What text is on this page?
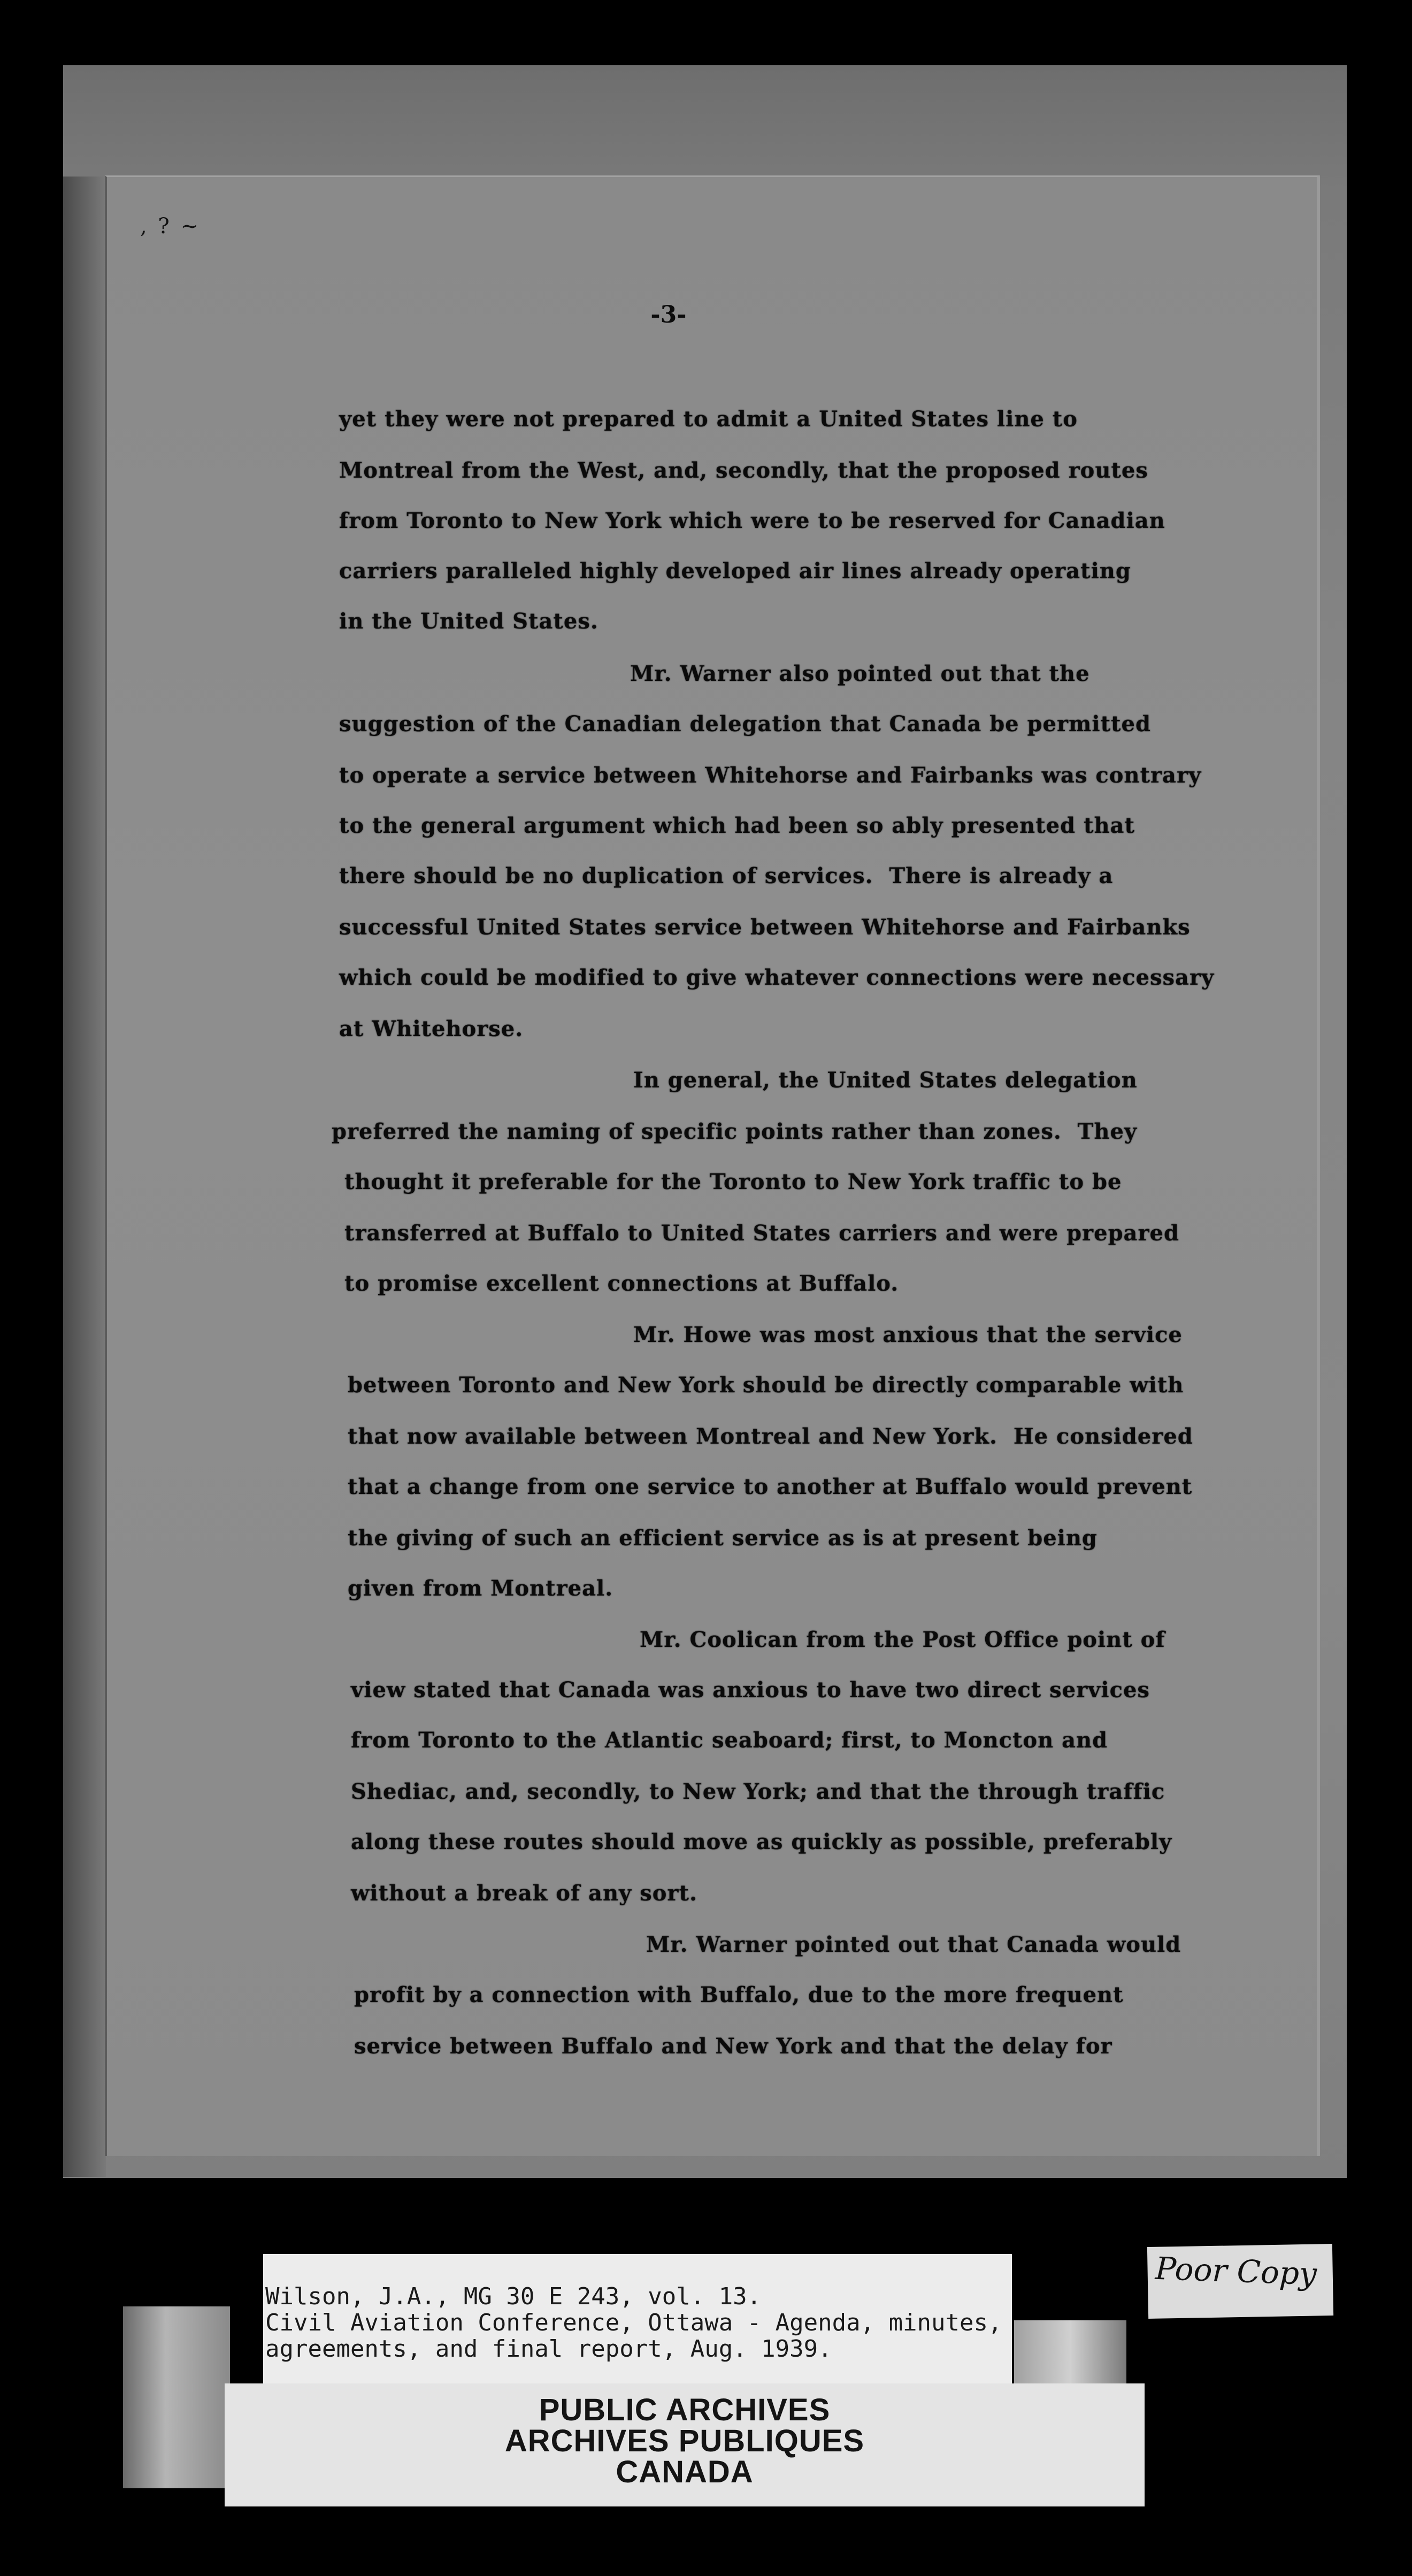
, ? ~
-3-

yet they were not prepared to admit a United States line to

Montreal from the West, and, secondly, that the proposed routes

from Toronto to New York which were to be reserved for Canadian

carriers paralleled highly developed air lines already operating

in the United States.

Mr. Warner also pointed out that the

suggestion of the Canadian delegation that Canada be permitted

to operate a service between Whitehorse and Fairbanks was contrary

to the general argument which had been so ably presented that

there should be no duplication of services.  There is already a

successful United States service between Whitehorse and Fairbanks

which could be modified to give whatever connections were necessary

at Whitehorse.

In general, the United States delegation

preferred the naming of specific points rather than zones.  They

thought it preferable for the Toronto to New York traffic to be

transferred at Buffalo to United States carriers and were prepared

to promise excellent connections at Buffalo.

Mr. Howe was most anxious that the service

between Toronto and New York should be directly comparable with

that now available between Montreal and New York.  He considered

that a change from one service to another at Buffalo would prevent

the giving of such an efficient service as is at present being

given from Montreal.

Mr. Coolican from the Post Office point of

view stated that Canada was anxious to have two direct services

from Toronto to the Atlantic seaboard; first, to Moncton and

Shediac, and, secondly, to New York; and that the through traffic

along these routes should move as quickly as possible, preferably

without a break of any sort.

Mr. Warner pointed out that Canada would

profit by a connection with Buffalo, due to the more frequent

service between Buffalo and New York and that the delay for

Wilson, J.A., MG 30 E 243, vol. 13.
Civil Aviation Conference, Ottawa - Agenda, minutes,
agreements, and final report, Aug. 1939.

Poor Copy

PUBLIC ARCHIVES

ARCHIVES PUBLIQUES

CANADA
